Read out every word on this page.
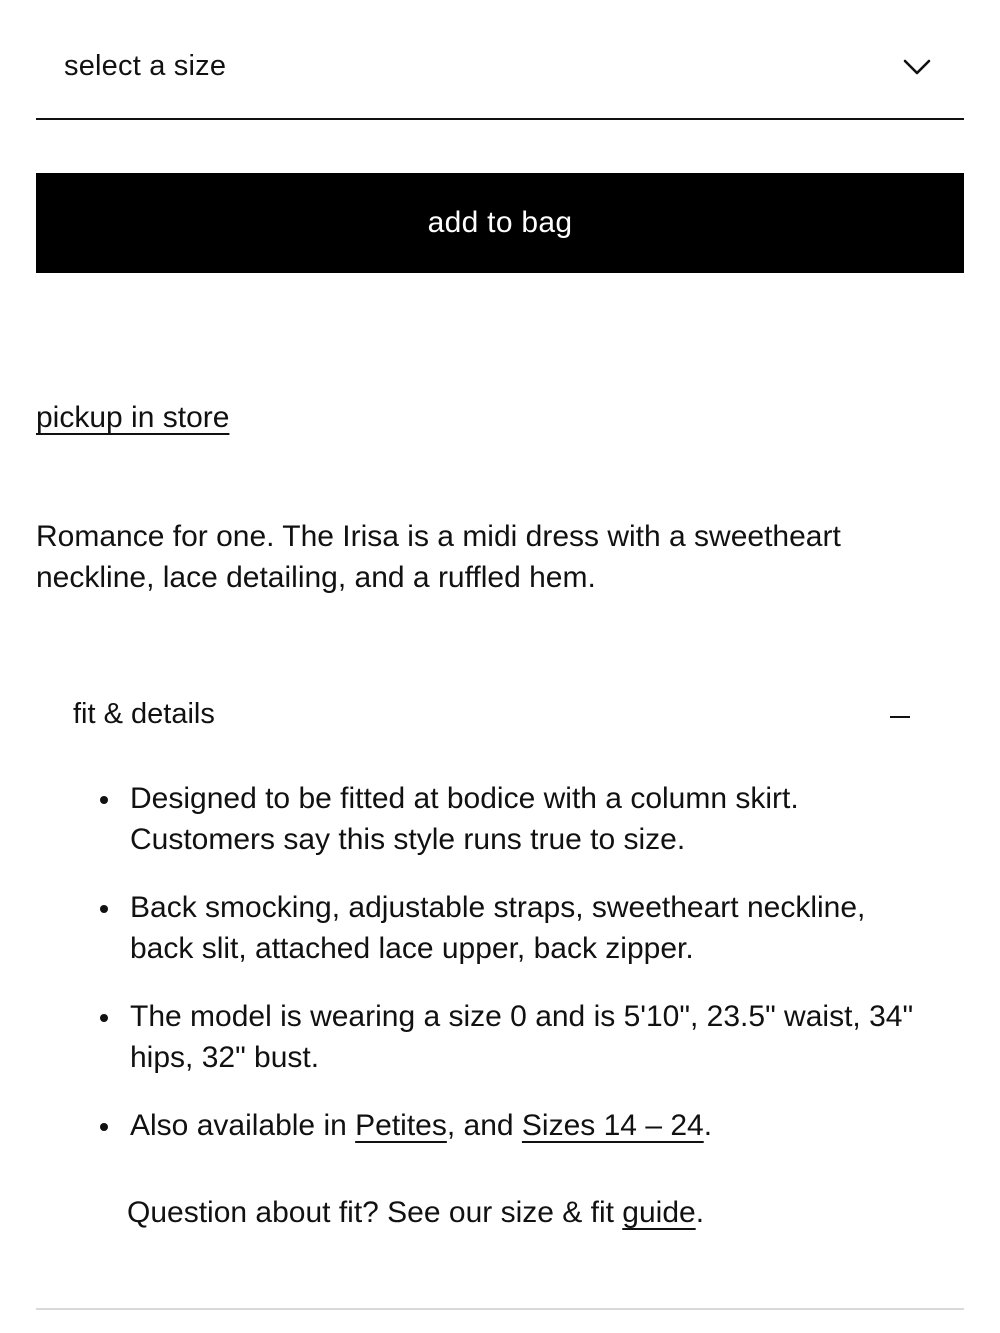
select a size
add to bag
pickup in store

Romance for one. The Irisa is a midi dress with a sweetheart neckline, lace detailing, and a ruffled hem.

fit & details
Designed to be fitted at bodice with a column skirt. Customers say this style runs true to size.
Back smocking, adjustable straps, sweetheart neckline, back slit, attached lace upper, back zipper.
The model is wearing a size 0 and is 5'10", 23.5" waist, 34" hips, 32" bust.
Also available in Petites, and Sizes 14 – 24.
Question about fit? See our size & fit guide.
